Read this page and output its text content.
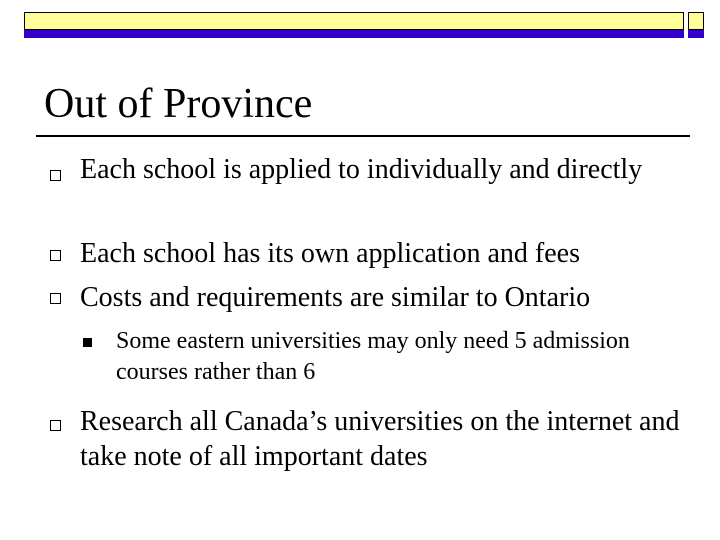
Out of Province
Each school is applied to individually and directly
Each school has its own application and fees
Costs and requirements are similar to Ontario
Some eastern universities may only need 5 admission courses rather than 6
Research all Canada’s universities on the internet and take note of all important dates
